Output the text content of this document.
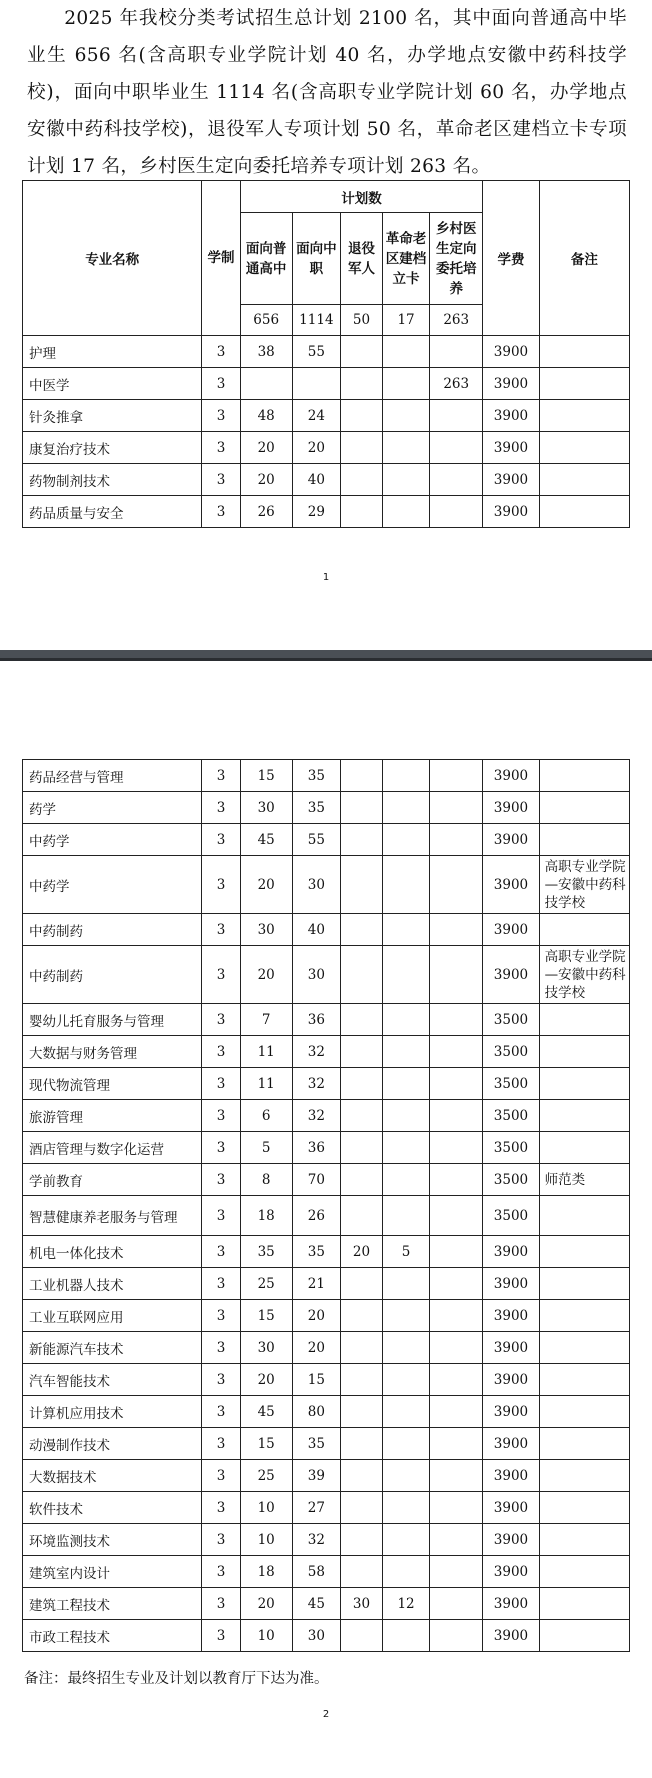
2025 年我校分类考试招生总计划 2100 名，其中面向普通高中毕业生 656 名(含高职专业学院计划 40 名，办学地点安徽中药科技学校)，面向中职毕业生 1114 名(含高职专业学院计划 60 名，办学地点安徽中药科技学校)，退役军人专项计划 50 名，革命老区建档立卡专项计划 17 名，乡村医生定向委托培养专项计划 263 名。

专业名称	学制	计划数					学费	备注
		面向普通高中	面向中职	退役军人	革命老区建档立卡	乡村医生定向委托培养		
		656	1114	50	17	263		
护理	3	38	55				3900	
中医学	3					263	3900	
针灸推拿	3	48	24				3900	
康复治疗技术	3	20	20				3900	
药物制剂技术	3	20	40				3900	
药品质量与安全	3	26	29				3900	
1
2
药品经营与管理	3	15	35				3900	
药学	3	30	35				3900	
中药学	3	45	55				3900	
中药学	3	20	30				3900	高职专业学院—安徽中药科技学校
中药制药	3	30	40				3900	
中药制药	3	20	30				3900	高职专业学院—安徽中药科技学校
婴幼儿托育服务与管理	3	7	36				3500	
大数据与财务管理	3	11	32				3500	
现代物流管理	3	11	32				3500	
旅游管理	3	6	32				3500	
酒店管理与数字化运营	3	5	36				3500	
学前教育	3	8	70				3500	师范类
智慧健康养老服务与管理	3	18	26				3500	
机电一体化技术	3	35	35	20	5		3900	
工业机器人技术	3	25	21				3900	
工业互联网应用	3	15	20				3900	
新能源汽车技术	3	30	20				3900	
汽车智能技术	3	20	15				3900	
计算机应用技术	3	45	80				3900	
动漫制作技术	3	15	35				3900	
大数据技术	3	25	39				3900	
软件技术	3	10	27				3900	
环境监测技术	3	10	32				3900	
建筑室内设计	3	18	58				3900	
建筑工程技术	3	20	45	30	12		3900	
市政工程技术	3	10	30				3900	
备注：最终招生专业及计划以教育厅下达为准。
